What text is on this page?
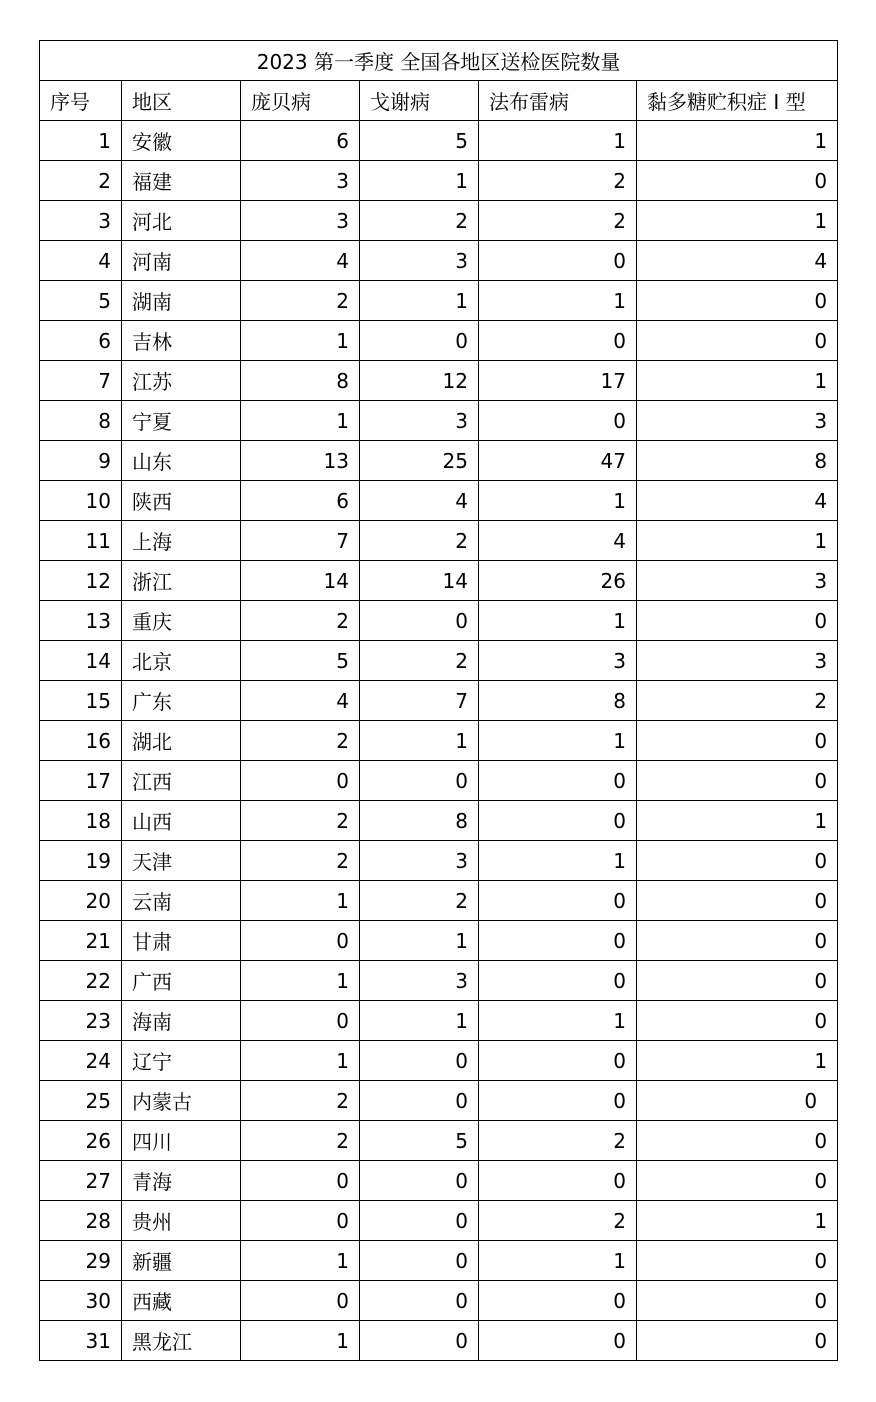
2023 第一季度 全国各地区送检医院数量					
序号	地区	庞贝病	戈谢病	法布雷病	黏多糖贮积症 I 型
1	安徽	6	5	1	1
2	福建	3	1	2	0
3	河北	3	2	2	1
4	河南	4	3	0	4
5	湖南	2	1	1	0
6	吉林	1	0	0	0
7	江苏	8	12	17	1
8	宁夏	1	3	0	3
9	山东	13	25	47	8
10	陕西	6	4	1	4
11	上海	7	2	4	1
12	浙江	14	14	26	3
13	重庆	2	0	1	0
14	北京	5	2	3	3
15	广东	4	7	8	2
16	湖北	2	1	1	0
17	江西	0	0	0	0
18	山西	2	8	0	1
19	天津	2	3	1	0
20	云南	1	2	0	0
21	甘肃	0	1	0	0
22	广西	1	3	0	0
23	海南	0	1	1	0
24	辽宁	1	0	0	1
25	内蒙古	2	0	0	0
26	四川	2	5	2	0
27	青海	0	0	0	0
28	贵州	0	0	2	1
29	新疆	1	0	1	0
30	西藏	0	0	0	0
31	黑龙江	1	0	0	0
